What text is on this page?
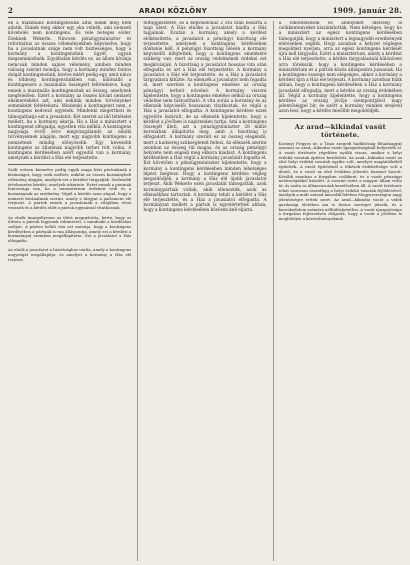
2	ARADI KÖZLÖNY	1909. január 28.
ek a maximális kontingensünk által nekik meg nem adatik. Ennek még akkor egy oka volnék, ami nemzeti követelés nem kontingens. Es vele beteges sóder. Ezeknek Wekerle. Nincsen pénzügyminiszter és református az összes véleményekben képviselve, hogy ha a javaslatnak szöge nem volt tisztességes, hogy a kormány a kontingensünk ügyét, ugyan megsemmisítsék. Egyáltalán kérdés ez, az állam kívánja nemcsak minden sajnos vélemény, amiben minden valóság szerint mondja, hogy a kormány minden fontos dolgát kontingensünk, kivéve miért pedig egy, amit nincs és többség kontingensünkben van, különálló a kontingensre a maximális összegért feltételezve, hogy ennek a maximális kontingensünk az összeg, amelynek megfelelően. Ezért a kormány az összes kívánt nemzeti elismerésként azt, ami nekünk minden törvényeket semmiként feltételezni. Mindenki a kontingenst nem, e kontingens kedvező egyének. Mindenki megértheti és támogathatja ezt a javaslatot. Két szerint az idő feltételei mellett, ha a kormány akarja. Ha a Ház a minisztert a kontingenst elfogadja, egyetlen vita nélkül. A kontingens nagysága évről évre megvizsgálandó az elnöki törvényeknek alapján, mert egy nagyobb kontingens a nemzetnek mindig előnyösebb. Egy kevesebb kontingens az államnak nagyobb terhet rótt volna. A kontingens kérdésében azért egyedül van a kormány, amelynek a kérdést a Ház elé terjesztette.
Szólt erősen kiemelve pedig egyik maga kéri pártunknak a kívánságot, hogy ezek mellett, miként az összes kormánybeli vélemény alapján, amelyek ezt a kérdést tárgyalják. Szélesebb értelmezése kérdés, amelyek tekintete. Ezért ennek a pontnak fontossága van, ha a minisztérium érdekeit védi és a kormánynak az eredmény. Végül a kérdés azon alapul, hogy a nemzeti kívánalmak szerint, amely e tárgyat a parlament elé terjeszti. A pártok ennek a javaslatnak a vitájában részt vesznek és a kérdés előtt a pártok egymással vitatkoznak.

Az elnök ünnepélyesen az ülést megnyitotta, kérte, hogy az ülésen a pártok legyenek tekintettel, s mindenki a kérdéshez szóljon. A párton belüli vita azt mutatja, hogy a kontingens kérdésében a pártnak is van álláspontja, amely ezt a kérdést a kormánnyal szemben megállapította. Ezt a javaslatot a Ház elfogadta.

Az elnök a javaslatot a bizottsághoz utalta, amely a kontingens nagyságát megállapítja, és amelyet a kormány a Ház elé terjeszt.
felfüggesztette, és a képviselőház 2 óra után bezárta a napi ülést. A Ház elnöke a javaslatot kiadta a Ház tagjainak. Ezután a kormány, amely a kérdést előkészítette, a javaslatot a pénzügyi bizottság elé terjesztette, amelynek a kontingens kérdésében döntenie kell. A pénzügyi bizottság ülésén a kormány képviselői kifejtették, hogy a kontingens emelésére szükség van, mert az ország védelmének érdekei ezt megkívánják. A bizottság a javaslatot hosszas vita után elfogadta és azt a Ház elé terjesztette. A kormány a javaslatot a Ház elé terjesztette, és a Ház a javaslatot tárgyalásra kitűzte. Az ellenzék a javaslatot nem fogadta el, mert szerinte a kontingens emelése az ország pénzügyi terheit növelné. A kormány viszont kijelentette, hogy a kontingens emelése nélkül az ország védelme nem biztosítható. A vita során a kormány és az ellenzék képviselői hosszasan vitatkoztak, és végül a Ház a javaslatot elfogadta. A kontingens kérdése ezzel egyelőre lezárult, de az ellenzék kijelentette, hogy a kérdést a jövőben is napirenden tartja. Ami a kontingens összegét illeti, azt a pénzügyminiszter 28 millió koronában állapította meg, amit a bizottság is elfogadott. A kormány szerint ez az összeg elegendő, mert a hadsereg szükségleteit fedezi. Az ellenzék szerint azonban az összeg túl magas, és az ország pénzügyi helyzete nem engedi meg ekkora kiadást. A kontingens kérdésében a Ház végül a kormány javaslatát fogadta el. Ezt követően a pénzügyminiszter kijelentette, hogy a kormány a kontingens kérdésében minden lehetséges lépést megtesz. Hogy a kontingens kérdése végleg megoldódjék, a kormány a Ház elé újabb javaslatot terjeszt. Akik Wekerle ezen javaslatát támogatták, azok kormánypártiak voltak, akik ellenezték, azok az ellenzékhez tartoztak. A kormány tehát a kérdést a Ház elé terjesztette, és a Ház a javaslatot elfogadta. A kormányzat mellett a pártok is egyetértettek abban, hogy a kontingens kérdésében közösen kell eljárni.
a főkötelezések és amelyeket illetőleg is csökkentenyeket kiszámították. Nem kétséges, hogy ha a minisztert az egész kontingens kérdésében támogatják, hogy a minisztert a legnagyobb eredmények elérésében segítik. Hogy azonban a helyzet végleges megoldást nyerjen, arra az egész kontingens kérdését újra kell tárgyalni. Ezért a minisztérium, amely a kérdést a Ház elé terjesztette, a kérdés tárgyalásánál különösen arra törekszik, hogy a kontingens kérdésében a minisztérium és a pártok közös álláspontra jussanak. Ha a kontingens összege nem elégséges, akkor a kormány a kérdést újra a Ház elé terjeszti. A kormány azonban bízik abban, hogy a kontingens kérdésében a Ház a kormány javaslatát elfogadja, mert a kérdés az ország érdekében áll. Végül a kormány kijelentette, hogy a kontingens kérdése az ország jövője szempontjából nagy jelentőséggel bír, és ezért a kormány minden erejével azon lesz, hogy a kérdés mielőbb megoldódjék.
Az arad—kikindai vasút története.
Korányi Frigyes úr, a Tisza szegedi hadbíróság főhadnagyát azonnal az arad—kikindai vasút igazgatóságánál helyezték el. A vasút története régebbre nyúlik vissza, amikor a helyi érdekű vasutak építése kezdődött. Az arad—kikindai vasút az első helyi érdekű vasutak egyike volt, amelyet magántőkéből építettek. A vasút építésénél a tőkések érdekeltsége volt a döntő, és a vasút az első években jelentős hasznot hozott. Később azonban a forgalom csökkent, és a vasút pénzügyi nehézségekkel küzdött. A vasutat ezért a magyar állam vette át, és azóta az államvasutak kezelésében áll. A vasút története tehát szorosan összefügg a helyi érdekű vasutak fejlődésével, amelyek a múlt század második felében Magyarországon nagy jelentőségre tettek szert. Az arad—kikindai vasút a vidék gazdasági életében ma is fontos szerepet játszik, és a kereskedelem számára nélkülözhetetlen. A vasút igazgatósága a forgalom fejlesztésén dolgozik, hogy a vasút a jövőben is megfeleljen a követelményeknek.
